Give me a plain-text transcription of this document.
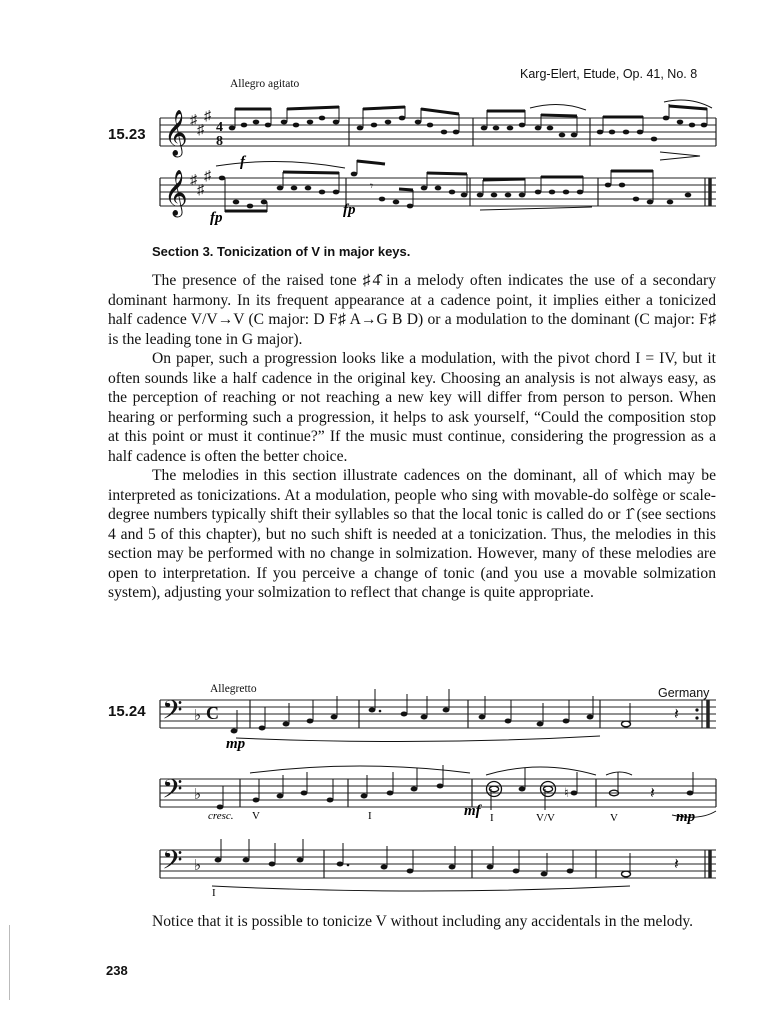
Karg-Elert, Etude, Op. 41, No. 8
Allegro agitato
15.23 𝄞 ♯
♯
♯
4
8
f
𝄞 ♯
♯
♯
𝄾
fp	fp
Section 3. Tonicization of V in major keys.

The presence of the raised tone ♯4̂ in a melody often indicates the use of a secondary dominant harmony. In its frequent appearance at a cadence point, it implies either a tonicized half cadence V/V→V (C major: D F♯ A→G B D) or a modulation to the dominant (C major: F♯ is the leading tone in G major).

On paper, such a progression looks like a modulation, with the pivot chord I = IV, but it often sounds like a half cadence in the original key. Choosing an analysis is not always easy, as the perception of reaching or not reaching a new key will differ from person to person. When hearing or performing such a progression, it helps to ask yourself, “Could the composition stop at this point or must it continue?” If the music must continue, considering the progression as a half cadence is often the better choice.

The melodies in this section illustrate cadences on the dominant, all of which may be interpreted as tonicizations. At a modulation, people who sing with movable-do solfège or scale-degree numbers typically shift their syllables so that the local tonic is called do or 1̂ (see sections 4 and 5 of this chapter), but no such shift is needed at a tonicization. Thus, the melodies in this section may be performed with no change in solmization. However, many of these melodies are open to interpretation. If you perceive a change of tonic (and you use a movable solmization system), adjusting your solmization to reflect that change is quite appropriate.

Allegretto	Germany
15.24 𝄢 ♭ C	𝄽
mp
𝄢 ♭	♮	𝄽
cresc. V	I	mf I	V/V	V	mp
𝄢 ♭	𝄽
I

Notice that it is possible to tonicize V without including any accidentals in the melody.

238
